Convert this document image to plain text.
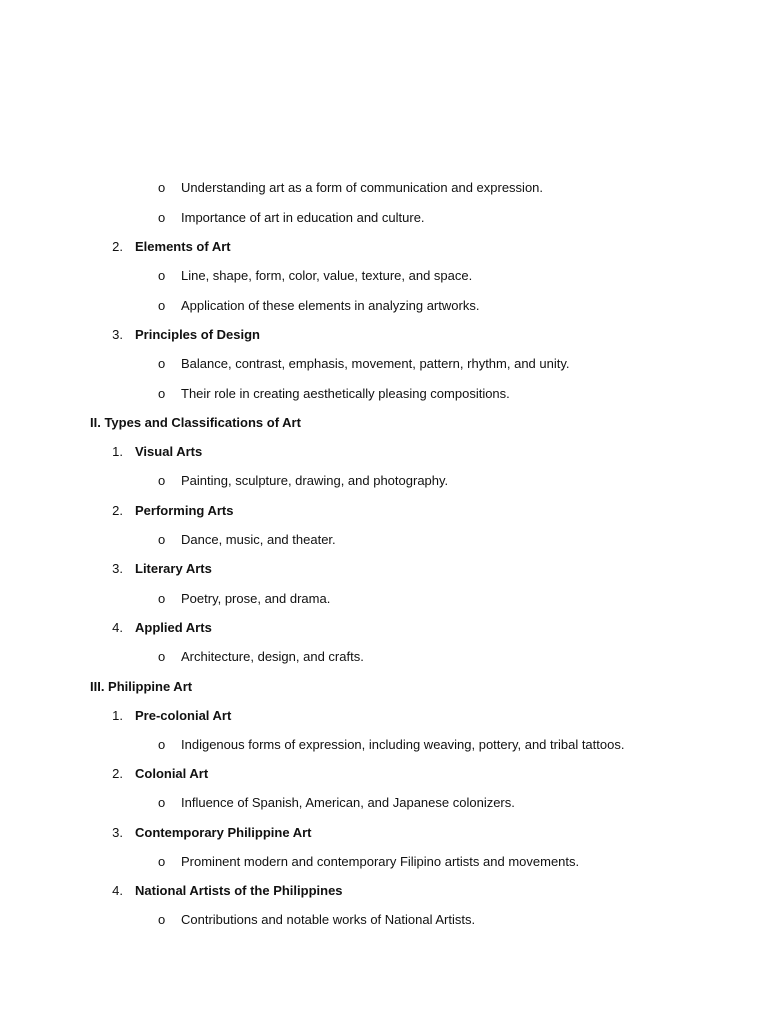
o Understanding art as a form of communication and expression.
o Importance of art in education and culture.
2. Elements of Art
o Line, shape, form, color, value, texture, and space.
o Application of these elements in analyzing artworks.
3. Principles of Design
o Balance, contrast, emphasis, movement, pattern, rhythm, and unity.
o Their role in creating aesthetically pleasing compositions.
II. Types and Classifications of Art
1. Visual Arts
o Painting, sculpture, drawing, and photography.
2. Performing Arts
o Dance, music, and theater.
3. Literary Arts
o Poetry, prose, and drama.
4. Applied Arts
o Architecture, design, and crafts.
III. Philippine Art
1. Pre-colonial Art
o Indigenous forms of expression, including weaving, pottery, and tribal tattoos.
2. Colonial Art
o Influence of Spanish, American, and Japanese colonizers.
3. Contemporary Philippine Art
o Prominent modern and contemporary Filipino artists and movements.
4. National Artists of the Philippines
o Contributions and notable works of National Artists.
